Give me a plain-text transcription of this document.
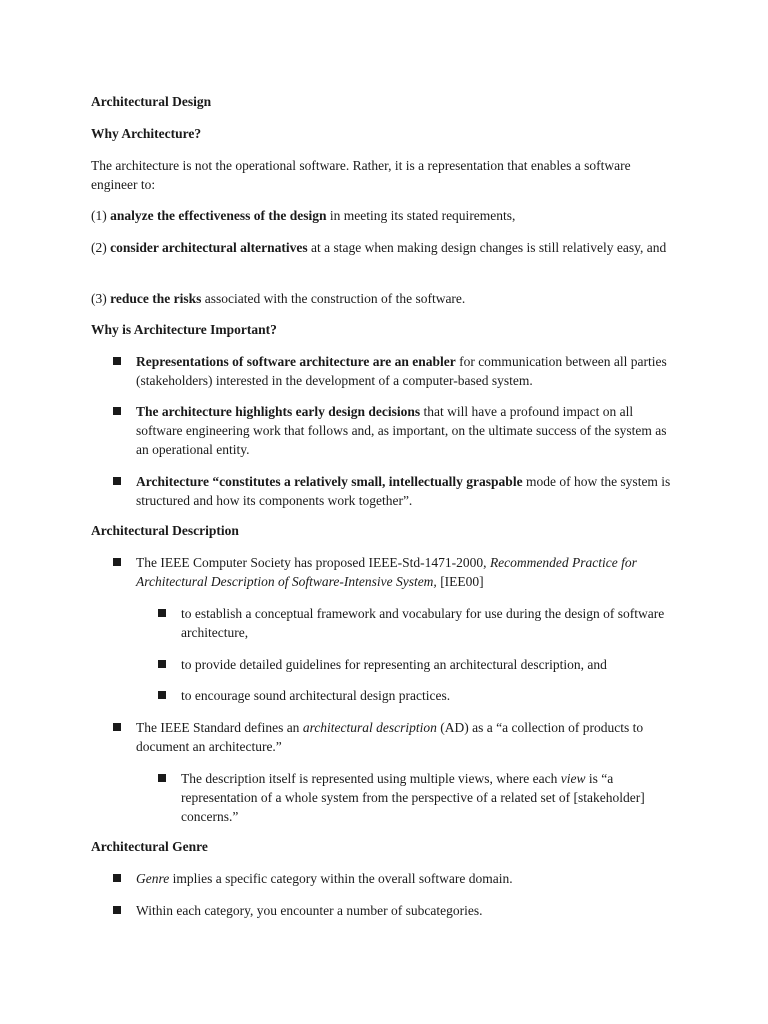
Architectural Design
Why Architecture?

The architecture is not the operational software. Rather, it is a representation that enables a software engineer to:

(1) analyze the effectiveness of the design in meeting its stated requirements,

(2) consider architectural alternatives at a stage when making design changes is still relatively easy, and

(3) reduce the risks associated with the construction of the software.

Why is Architecture Important?
Representations of software architecture are an enabler for communication between all parties (stakeholders) interested in the development of a computer-based system.
The architecture highlights early design decisions that will have a profound impact on all software engineering work that follows and, as important, on the ultimate success of the system as an operational entity.
Architecture “constitutes a relatively small, intellectually graspable mode of how the system is structured and how its components work together”.
Architectural Description
The IEEE Computer Society has proposed IEEE-Std-1471-2000, Recommended Practice for Architectural Description of Software-Intensive System, [IEE00]
to establish a conceptual framework and vocabulary for use during the design of software architecture,
to provide detailed guidelines for representing an architectural description, and
to encourage sound architectural design practices.
The IEEE Standard defines an architectural description (AD) as a “a collection of products to document an architecture.”
The description itself is represented using multiple views, where each view is “a representation of a whole system from the perspective of a related set of [stakeholder] concerns.”
Architectural Genre
Genre implies a specific category within the overall software domain.
Within each category, you encounter a number of subcategories.
